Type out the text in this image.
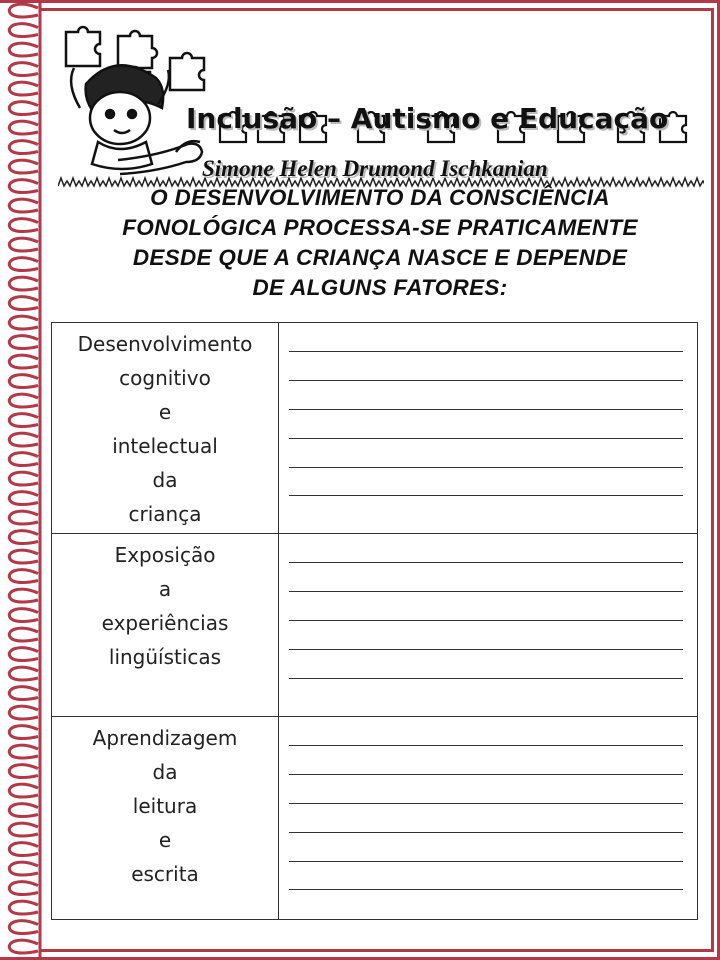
Inclusão – Autismo e Educação
Simone Helen Drumond Ischkanian
O DESENVOLVIMENTO DA CONSCIÊNCIA
FONOLÓGICA PROCESSA-SE PRATICAMENTE
DESDE QUE A CRIANÇA NASCE E DEPENDE
DE ALGUNS FATORES:
Desenvolvimento
cognitivo
e
intelectual
da
criança
Exposição
a
experiências
lingüísticas
Aprendizagem
da
leitura
e
escrita
